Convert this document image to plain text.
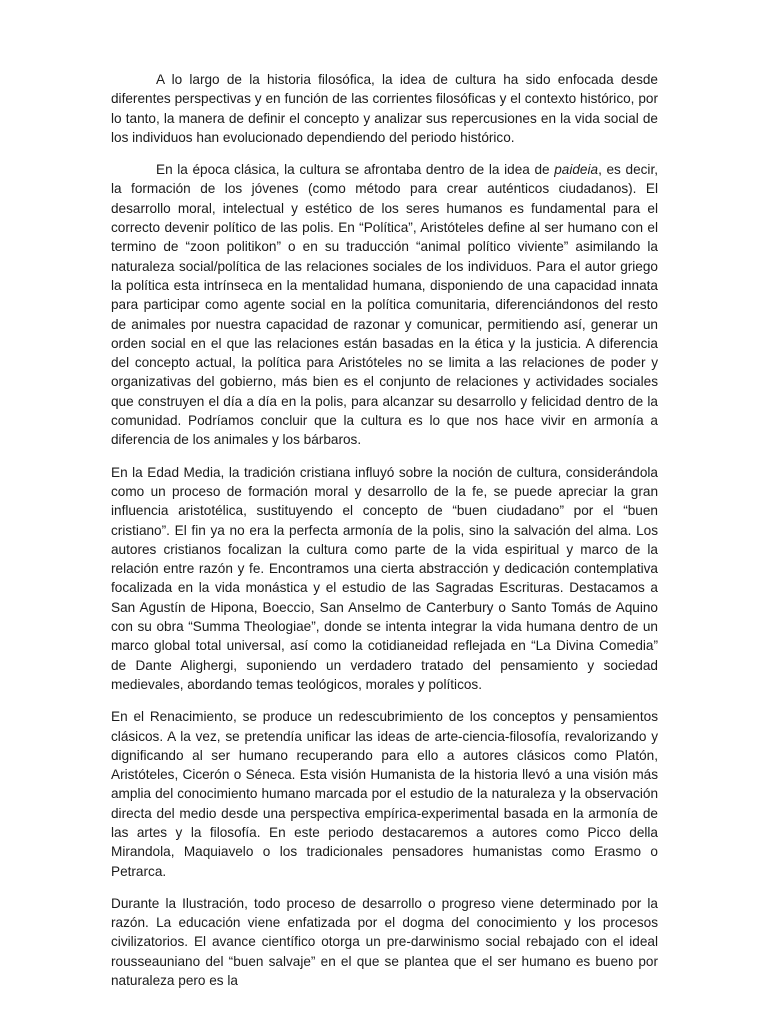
A lo largo de la historia filosófica, la idea de cultura ha sido enfocada desde diferentes perspectivas y en función de las corrientes filosóficas y el contexto histórico, por lo tanto, la manera de definir el concepto y analizar sus repercusiones en la vida social de los individuos han evolucionado dependiendo del periodo histórico.

En la época clásica, la cultura se afrontaba dentro de la idea de paideia, es decir, la formación de los jóvenes (como método para crear auténticos ciudadanos). El desarrollo moral, intelectual y estético de los seres humanos es fundamental para el correcto devenir político de las polis. En “Política”, Aristóteles define al ser humano con el termino de “zoon politikon” o en su traducción “animal político viviente” asimilando la naturaleza social/política de las relaciones sociales de los individuos. Para el autor griego la política esta intrínseca en la mentalidad humana, disponiendo de una capacidad innata para participar como agente social en la política comunitaria, diferenciándonos del resto de animales por nuestra capacidad de razonar y comunicar, permitiendo así, generar un orden social en el que las relaciones están basadas en la ética y la justicia. A diferencia del concepto actual, la política para Aristóteles no se limita a las relaciones de poder y organizativas del gobierno, más bien es el conjunto de relaciones y actividades sociales que construyen el día a día en la polis, para alcanzar su desarrollo y felicidad dentro de la comunidad. Podríamos concluir que la cultura es lo que nos hace vivir en armonía a diferencia de los animales y los bárbaros.

En la Edad Media, la tradición cristiana influyó sobre la noción de cultura, considerándola como un proceso de formación moral y desarrollo de la fe, se puede apreciar la gran influencia aristotélica, sustituyendo el concepto de “buen ciudadano” por el “buen cristiano”. El fin ya no era la perfecta armonía de la polis, sino la salvación del alma. Los autores cristianos focalizan la cultura como parte de la vida espiritual y marco de la relación entre razón y fe. Encontramos una cierta abstracción y dedicación contemplativa focalizada en la vida monástica y el estudio de las Sagradas Escrituras. Destacamos a San Agustín de Hipona, Boeccio, San Anselmo de Canterbury o Santo Tomás de Aquino con su obra “Summa Theologiae”, donde se intenta integrar la vida humana dentro de un marco global total universal, así como la cotidianeidad reflejada en “La Divina Comedia” de Dante Alighergi, suponiendo un verdadero tratado del pensamiento y sociedad medievales, abordando temas teológicos, morales y políticos.

En el Renacimiento, se produce un redescubrimiento de los conceptos y pensamientos clásicos. A la vez, se pretendía unificar las ideas de arte-ciencia-filosofía, revalorizando y dignificando al ser humano recuperando para ello a autores clásicos como Platón, Aristóteles, Cicerón o Séneca. Esta visión Humanista de la historia llevó a una visión más amplia del conocimiento humano marcada por el estudio de la naturaleza y la observación directa del medio desde una perspectiva empírica-experimental basada en la armonía de las artes y la filosofía. En este periodo destacaremos a autores como Picco della Mirandola, Maquiavelo o los tradicionales pensadores humanistas como Erasmo o Petrarca.

Durante la Ilustración, todo proceso de desarrollo o progreso viene determinado por la razón. La educación viene enfatizada por el dogma del conocimiento y los procesos civilizatorios. El avance científico otorga un pre-darwinismo social rebajado con el ideal rousseauniano del “buen salvaje” en el que se plantea que el ser humano es bueno por naturaleza pero es la
